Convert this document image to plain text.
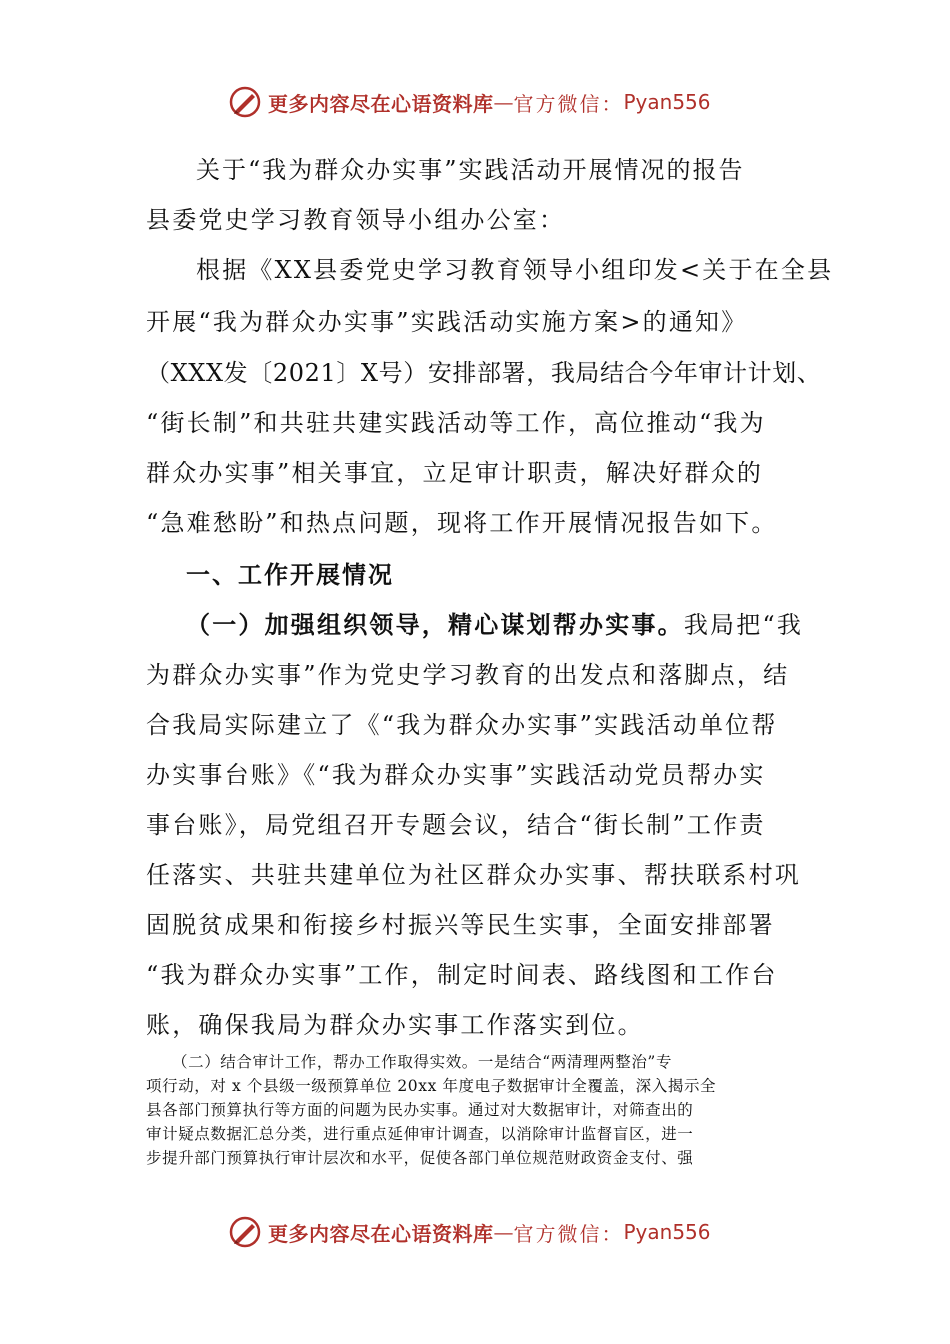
更多内容尽在心语资料库 — 官方微信： Pyan556
关于“我为群众办实事”实践活动开展情况的报告
县委党史学习教育领导小组办公室：
根据《XX县委党史学习教育领导小组印发<关于在全县
开展“我为群众办实事”实践活动实施方案>的通知》
（XXX发〔2021〕X号）安排部署，我局结合今年审计计划、
“街长制”和共驻共建实践活动等工作，高位推动“我为
群众办实事”相关事宜，立足审计职责，解决好群众的
“急难愁盼”和热点问题，现将工作开展情况报告如下。
一、工作开展情况
（一）加强组织领导，精心谋划帮办实事。我局把“我
为群众办实事”作为党史学习教育的出发点和落脚点，结
合我局实际建立了《“我为群众办实事”实践活动单位帮
办实事台账》《“我为群众办实事”实践活动党员帮办实
事台账》，局党组召开专题会议，结合“街长制”工作责
任落实、共驻共建单位为社区群众办实事、帮扶联系村巩
固脱贫成果和衔接乡村振兴等民生实事，全面安排部署
“我为群众办实事”工作，制定时间表、路线图和工作台
账，确保我局为群众办实事工作落实到位。
（二）结合审计工作，帮办工作取得实效。一是结合“两清理两整治”专
项行动，对 x 个县级一级预算单位 20xx 年度电子数据审计全覆盖，深入揭示全
县各部门预算执行等方面的问题为民办实事。通过对大数据审计，对筛查出的
审计疑点数据汇总分类，进行重点延伸审计调查，以消除审计监督盲区，进一
步提升部门预算执行审计层次和水平，促使各部门单位规范财政资金支付、强
更多内容尽在心语资料库 — 官方微信： Pyan556
